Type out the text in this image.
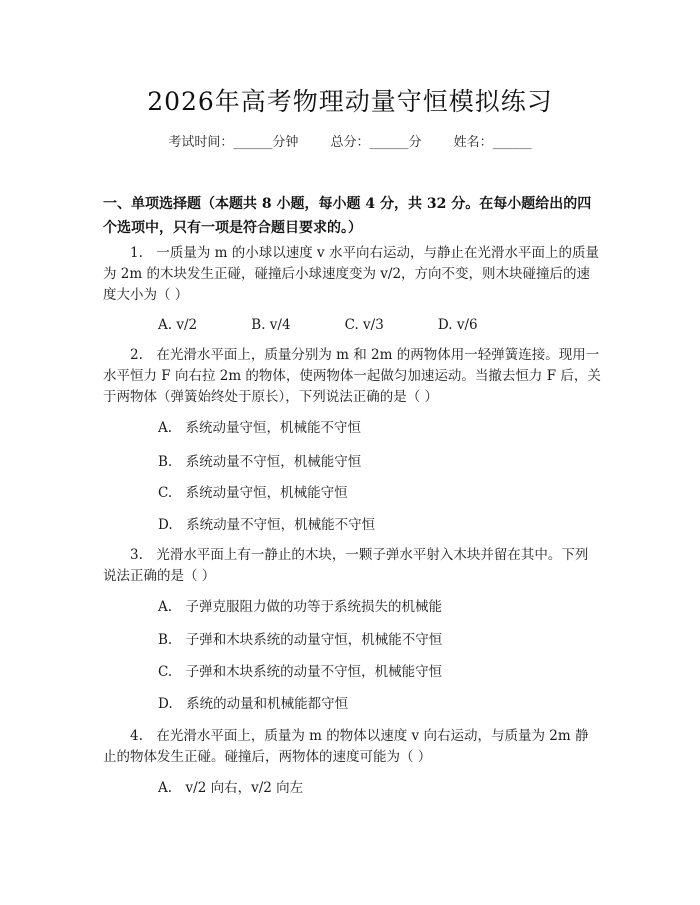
2026年高考物理动量守恒模拟练习
考试时间：______分钟 总分：______分 姓名：______
一、单项选择题（本题共 8 小题，每小题 4 分，共 32 分。在每小题给出的四个选项中，只有一项是符合题目要求的。）
1.　一质量为 m 的小球以速度 v 水平向右运动，与静止在光滑水平面上的质量为 2m 的木块发生正碰，碰撞后小球速度变为 v/2，方向不变，则木块碰撞后的速度大小为（ ）
A. v/2	B. v/4	C. v/3	D. v/6
2.　在光滑水平面上，质量分别为 m 和 2m 的两物体用一轻弹簧连接。现用一水平恒力 F 向右拉 2m 的物体，使两物体一起做匀加速运动。当撤去恒力 F 后，关于两物体（弹簧始终处于原长），下列说法正确的是（ ）
A.　系统动量守恒，机械能不守恒
B.　系统动量不守恒，机械能守恒
C.　系统动量守恒，机械能守恒
D.　系统动量不守恒，机械能不守恒
3.　光滑水平面上有一静止的木块，一颗子弹水平射入木块并留在其中。下列说法正确的是（ ）
A.　子弹克服阻力做的功等于系统损失的机械能
B.　子弹和木块系统的动量守恒，机械能不守恒
C.　子弹和木块系统的动量不守恒，机械能守恒
D.　系统的动量和机械能都守恒
4.　在光滑水平面上，质量为 m 的物体以速度 v 向右运动，与质量为 2m 静止的物体发生正碰。碰撞后，两物体的速度可能为（ ）
A.　v/2 向右，v/2 向左
